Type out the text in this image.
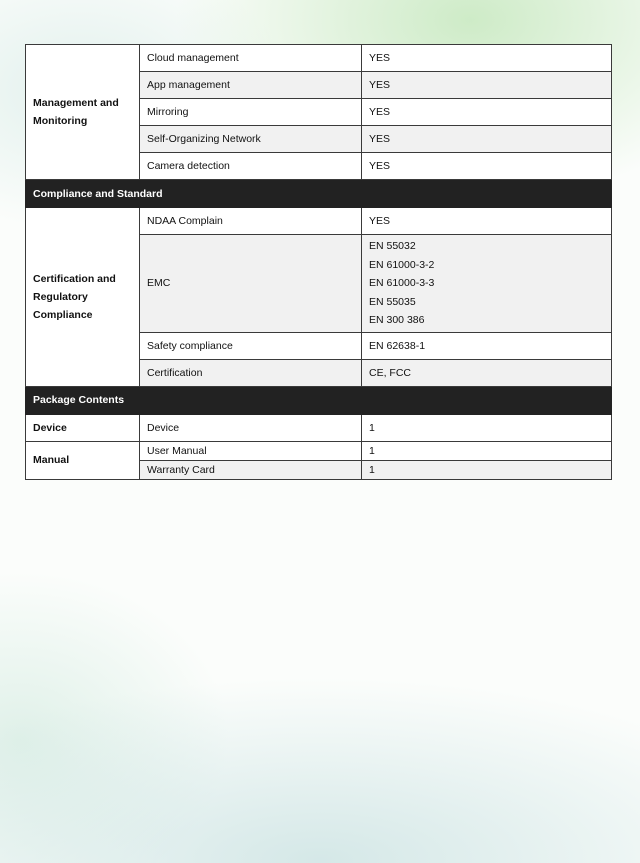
Management and Monitoring	Cloud management	YES
	App management	YES
	Mirroring	YES
	Self-Organizing Network	YES
	Camera detection	YES
Compliance and Standard		
Certification and Regulatory Compliance	NDAA Complain	YES
	EMC	EN 55032
EN 61000-3-2
EN 61000-3-3
EN 55035
EN 300 386

	Safety compliance	EN 62638-1
	Certification	CE, FCC
Package Contents		
Device	Device	1
Manual	User Manual	1
	Warranty Card	1
